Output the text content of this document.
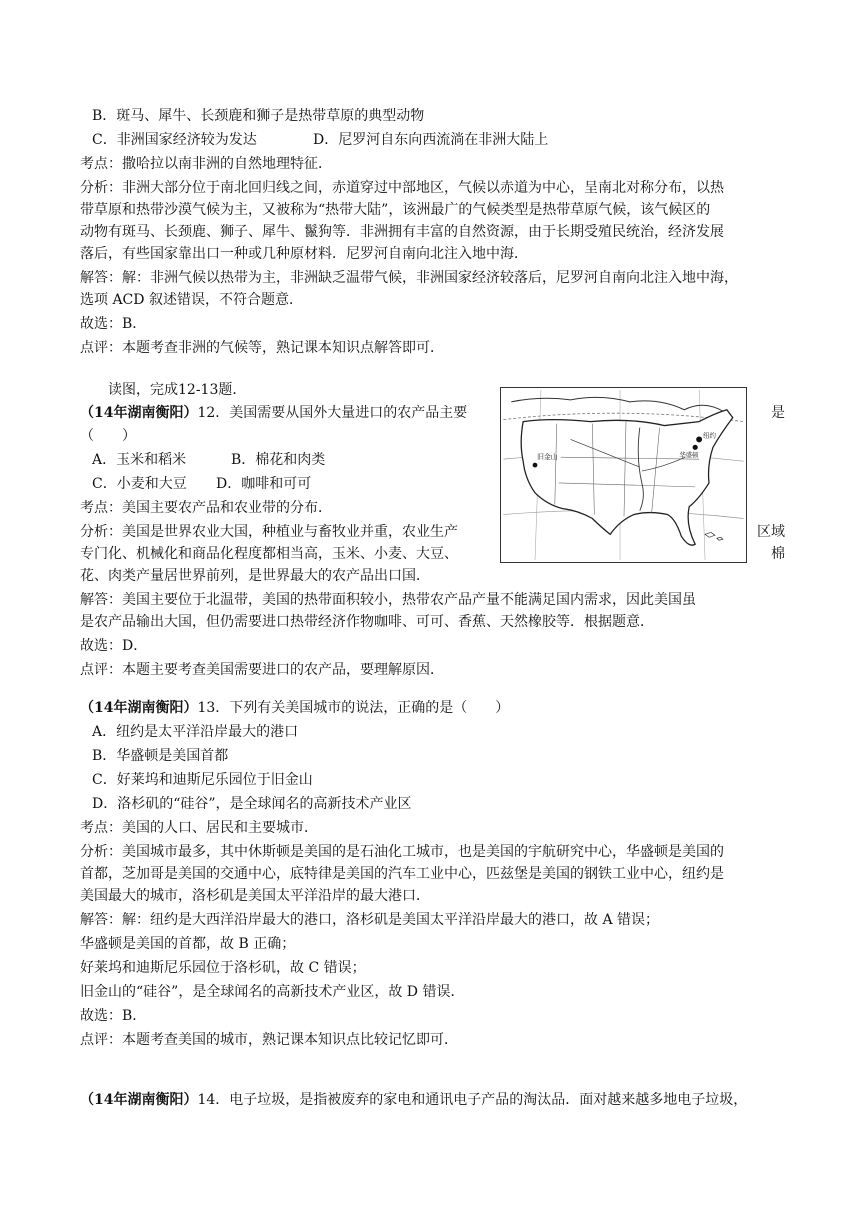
B．斑马、犀牛、长颈鹿和狮子是热带草原的典型动物
C．非洲国家经济较为发达	D．尼罗河自东向西流淌在非洲大陆上
考点：撒哈拉以南非洲的自然地理特征．
分析：非洲大部分位于南北回归线之间，赤道穿过中部地区，气候以赤道为中心，呈南北对称分布，以热
带草原和热带沙漠气候为主，又被称为“热带大陆”，该洲最广的气候类型是热带草原气候，该气候区的
动物有斑马、长颈鹿、狮子、犀牛、鬣狗等．非洲拥有丰富的自然资源，由于长期受殖民统治，经济发展
落后，有些国家靠出口一种或几种原材料．尼罗河自南向北注入地中海．
解答：解：非洲气候以热带为主，非洲缺乏温带气候，非洲国家经济较落后，尼罗河自南向北注入地中海，
选项 ACD 叙述错误，不符合题意．
故选：B．
点评：本题考查非洲的气候等，熟记课本知识点解答即可．
读图，完成12-13题．
（14年湖南衡阳）12．美国需要从国外大量进口的农产品主要	是
（　　）
A．玉米和稻米	B．棉花和肉类
C．小麦和大豆 D．咖啡和可可
考点：美国主要农产品和农业带的分布．
分析：美国是世界农业大国，种植业与畜牧业并重，农业生产	区域
专门化、机械化和商品化程度都相当高，玉米、小麦、大豆、	棉
花、肉类产量居世界前列，是世界最大的农产品出口国．
解答：美国主要位于北温带，美国的热带面积较小，热带农产品产量不能满足国内需求，因此美国虽
是农产品输出大国，但仍需要进口热带经济作物咖啡、可可、香蕉、天然橡胶等．根据题意．
故选：D．
点评：本题主要考查美国需要进口的农产品，要理解原因．
旧金山
纽约
华盛顿
（14年湖南衡阳）13．下列有关美国城市的说法，正确的是（　　）
A．纽约是太平洋沿岸最大的港口
B．华盛顿是美国首都
C．好莱坞和迪斯尼乐园位于旧金山
D．洛杉矶的“硅谷”，是全球闻名的高新技术产业区
考点：美国的人口、居民和主要城市．
分析：美国城市最多，其中休斯顿是美国的是石油化工城市，也是美国的宇航研究中心，华盛顿是美国的
首都，芝加哥是美国的交通中心，底特律是美国的汽车工业中心，匹兹堡是美国的钢铁工业中心，纽约是
美国最大的城市，洛杉矶是美国太平洋沿岸的最大港口．
解答：解：纽约是大西洋沿岸最大的港口，洛杉矶是美国太平洋沿岸最大的港口，故 A 错误；
华盛顿是美国的首都，故 B 正确；
好莱坞和迪斯尼乐园位于洛杉矶，故 C 错误；
旧金山的“硅谷”，是全球闻名的高新技术产业区，故 D 错误．
故选：B．
点评：本题考查美国的城市，熟记课本知识点比较记忆即可．
（14年湖南衡阳）14．电子垃圾，是指被废弃的家电和通讯电子产品的淘汰品．面对越来越多地电子垃圾，
